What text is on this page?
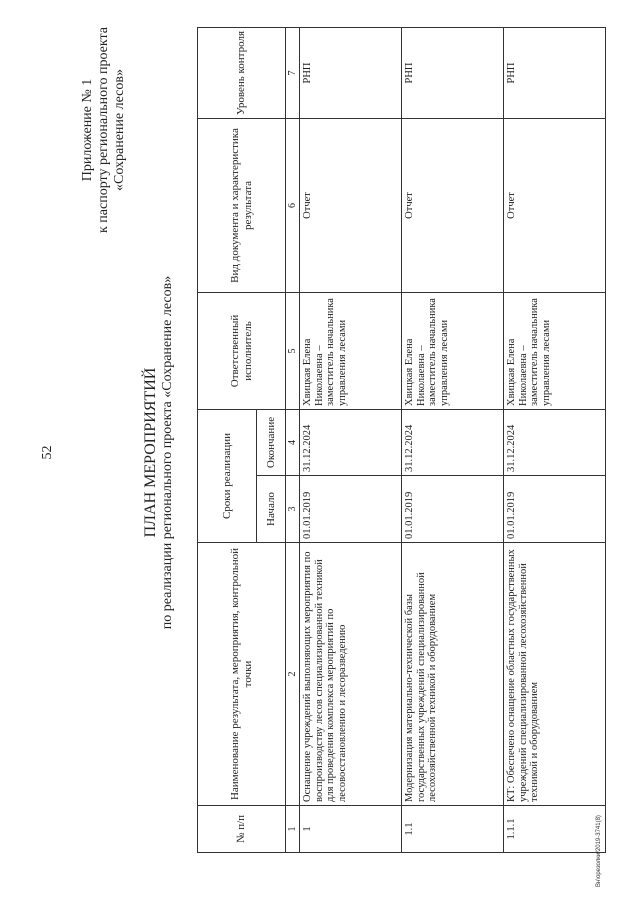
52
Приложение № 1 к паспорту регионального проекта «Сохранение лесов»
ПЛАН МЕРОПРИЯТИЙ по реализации регионального проекта «Сохранение лесов»
№ п/п	Наименование результата, мероприятия, контрольной точки	Сроки реализации		Ответственный исполнитель	Вид документа и характеристика результата	Уровень контроля
		Начало	Окончание			
1	2	3	4	5	6	7
1	Оснащение учреждений выполняющих мероприятия по воспроизводству лесов специализированной техникой для проведения комплекса мероприятий по лесовосстановлению и лесоразведению	01.01.2019	31.12.2024	Хвицкая Елена Николаевна – заместитель начальника управления лесами	Отчет	РНП
1.1	Модернизация материально-технической базы государственных учреждений специализированной лесохозяйственной техникой и оборудованием	01.01.2019	31.12.2024	Хвицкая Елена Николаевна – заместитель начальника управления лесами	Отчет	РНП
1.1.1	КТ: Обеспечено оснащение областных государственных учреждений специализированной лесохозяйственной техникой и оборудованием	01.01.2019	31.12.2024	Хвицкая Елена Николаевна – заместитель начальника управления лесами	Отчет	РНП
Вн\орезолки/2019-3741(8)
